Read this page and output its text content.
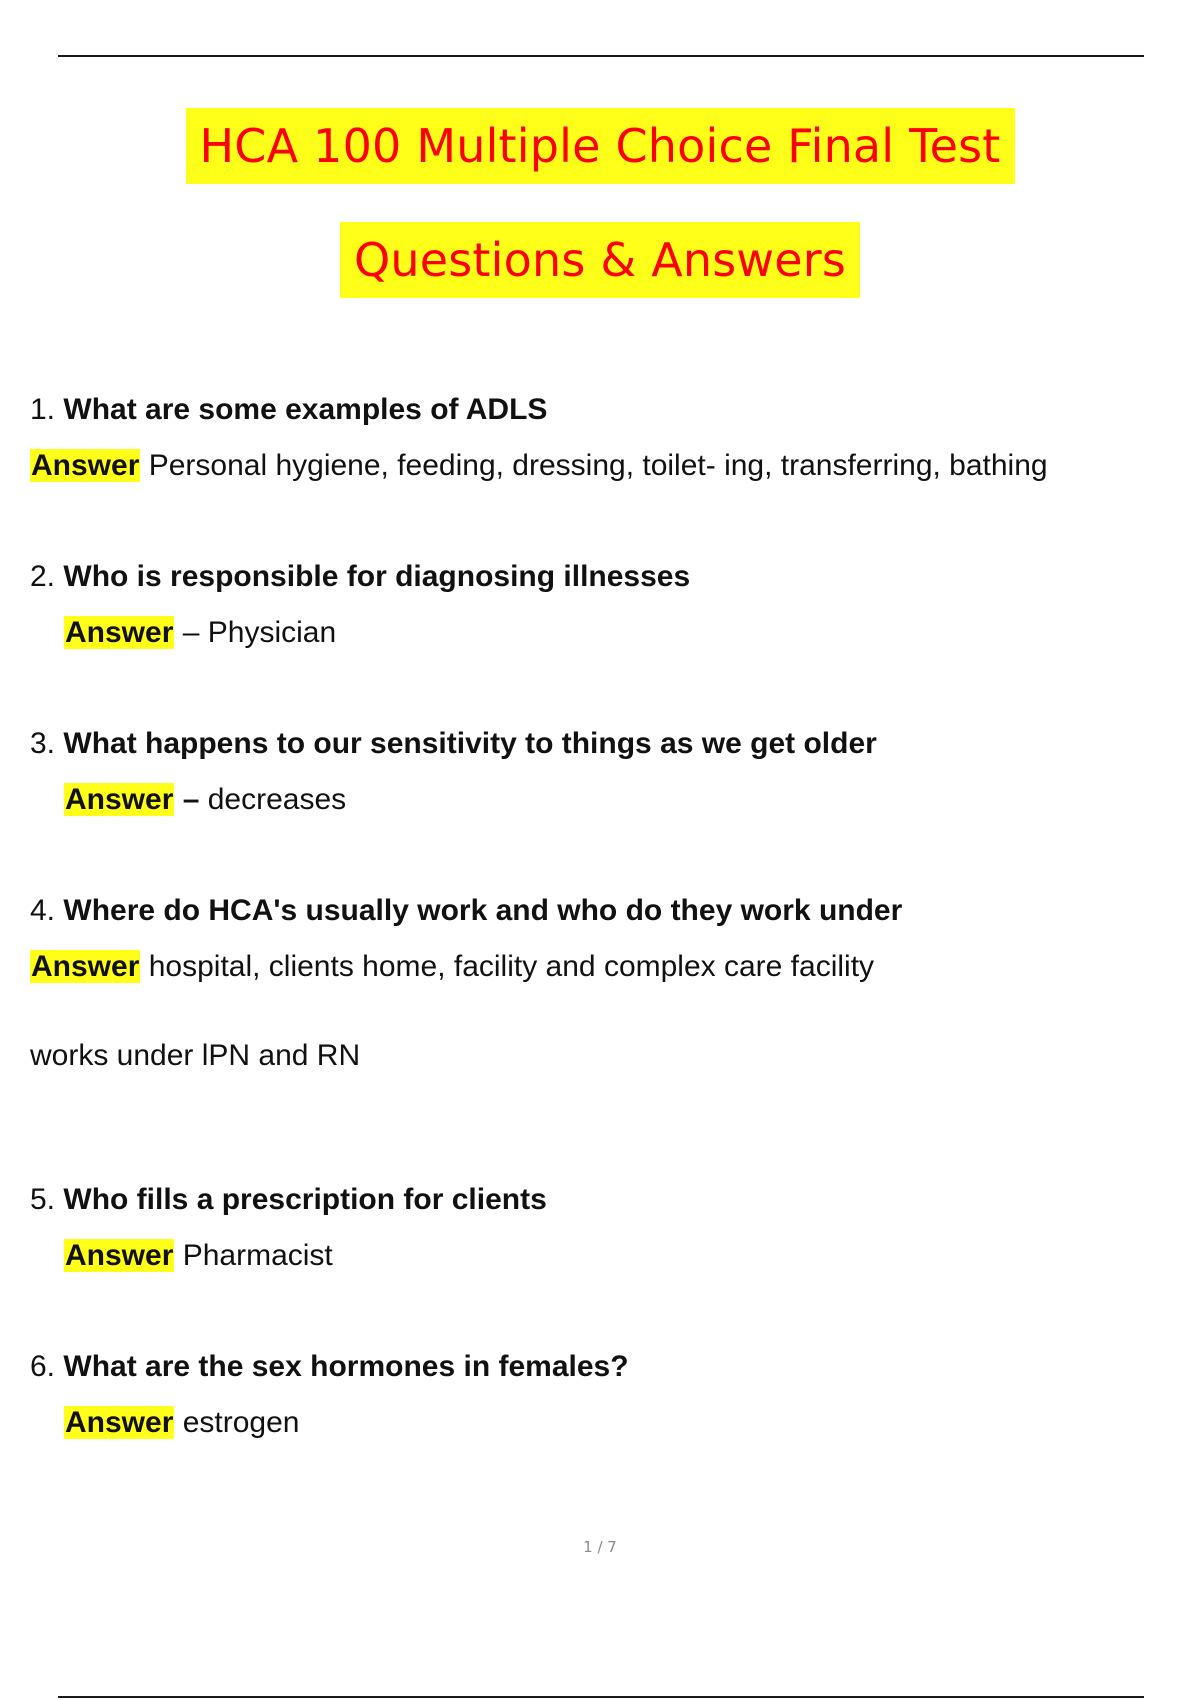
HCA 100 Multiple Choice Final Test
Questions & Answers
1. What are some examples of ADLS
Answer Personal hygiene, feeding, dressing, toilet- ing, transferring, bathing
2. Who is responsible for diagnosing illnesses
Answer – Physician
3. What happens to our sensitivity to things as we get older
Answer – decreases
4. Where do HCA's usually work and who do they work under
Answer hospital, clients home, facility and complex care facility
works under lPN and RN
5. Who fills a prescription for clients
Answer Pharmacist
6. What are the sex hormones in females?
Answer estrogen
1 / 7
